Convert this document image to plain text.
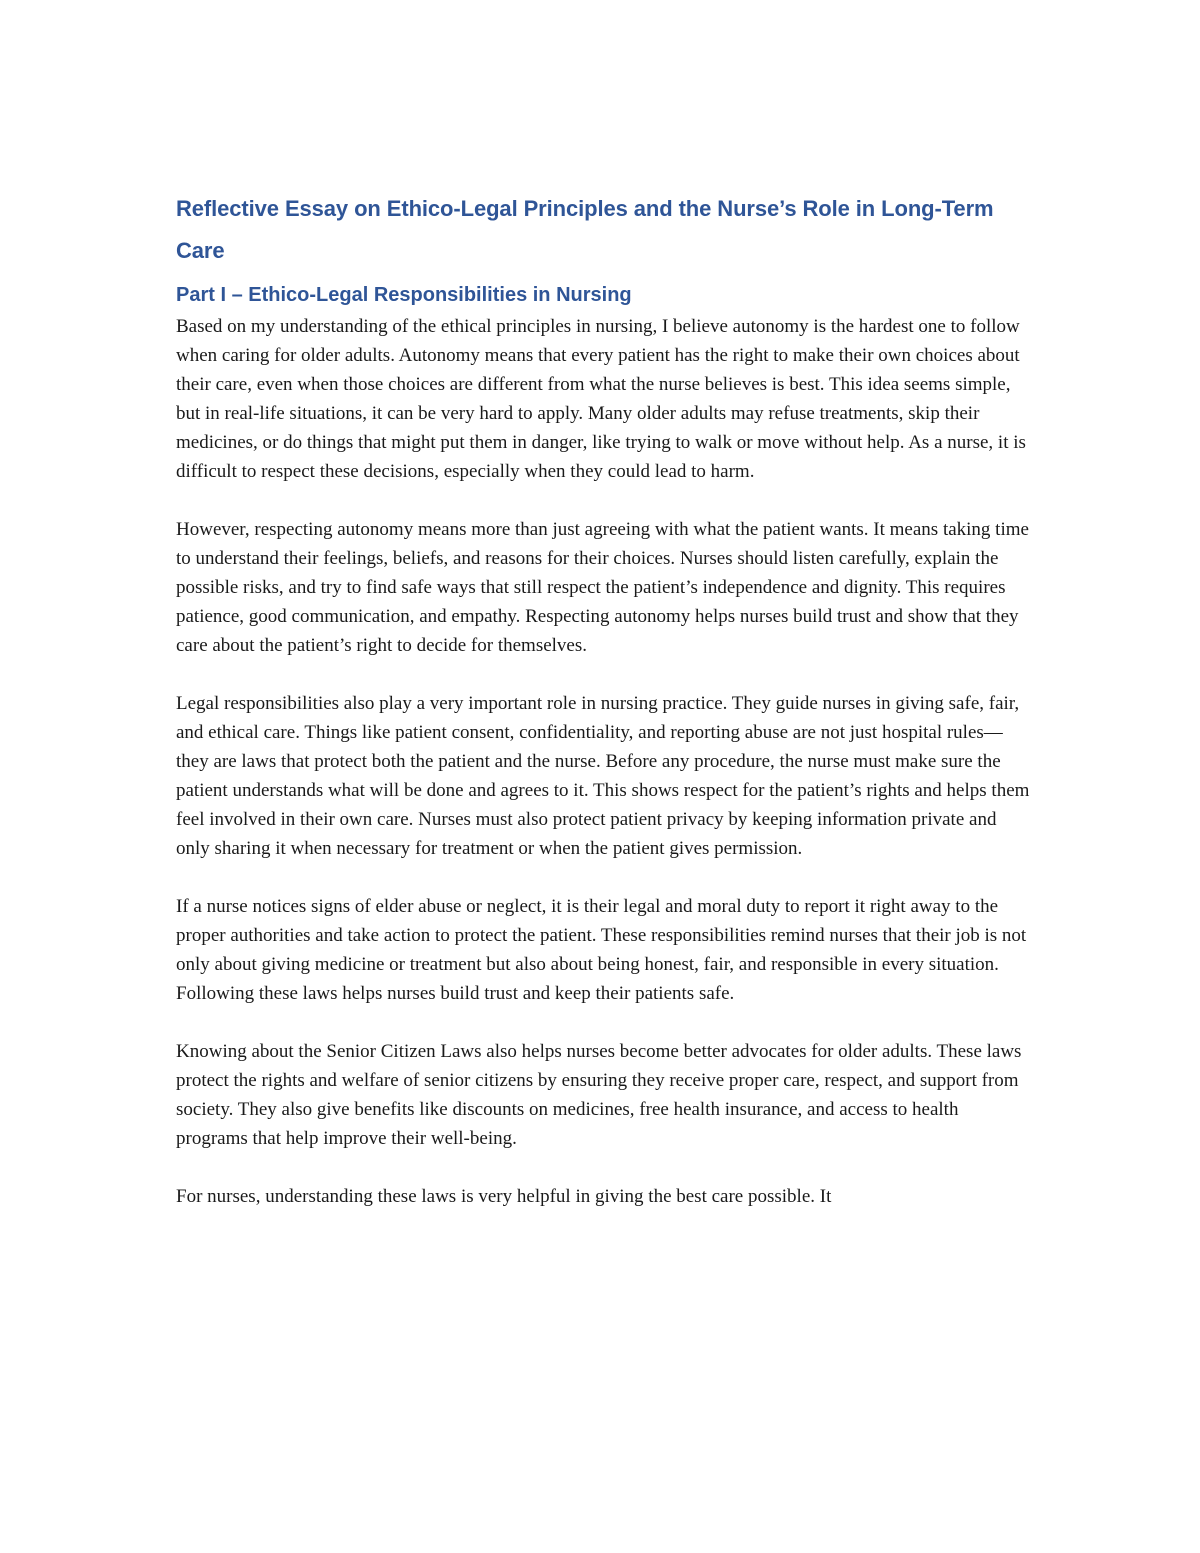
Reflective Essay on Ethico-Legal Principles and the Nurse’s Role in Long-Term Care
Part I – Ethico-Legal Responsibilities in Nursing

Based on my understanding of the ethical principles in nursing, I believe autonomy is the hardest one to follow when caring for older adults. Autonomy means that every patient has the right to make their own choices about their care, even when those choices are different from what the nurse believes is best. This idea seems simple, but in real-life situations, it can be very hard to apply. Many older adults may refuse treatments, skip their medicines, or do things that might put them in danger, like trying to walk or move without help. As a nurse, it is difficult to respect these decisions, especially when they could lead to harm.

However, respecting autonomy means more than just agreeing with what the patient wants. It means taking time to understand their feelings, beliefs, and reasons for their choices. Nurses should listen carefully, explain the possible risks, and try to find safe ways that still respect the patient’s independence and dignity. This requires patience, good communication, and empathy. Respecting autonomy helps nurses build trust and show that they care about the patient’s right to decide for themselves.

Legal responsibilities also play a very important role in nursing practice. They guide nurses in giving safe, fair, and ethical care. Things like patient consent, confidentiality, and reporting abuse are not just hospital rules—they are laws that protect both the patient and the nurse. Before any procedure, the nurse must make sure the patient understands what will be done and agrees to it. This shows respect for the patient’s rights and helps them feel involved in their own care. Nurses must also protect patient privacy by keeping information private and only sharing it when necessary for treatment or when the patient gives permission.

If a nurse notices signs of elder abuse or neglect, it is their legal and moral duty to report it right away to the proper authorities and take action to protect the patient. These responsibilities remind nurses that their job is not only about giving medicine or treatment but also about being honest, fair, and responsible in every situation. Following these laws helps nurses build trust and keep their patients safe.

Knowing about the Senior Citizen Laws also helps nurses become better advocates for older adults. These laws protect the rights and welfare of senior citizens by ensuring they receive proper care, respect, and support from society. They also give benefits like discounts on medicines, free health insurance, and access to health programs that help improve their well-being.

For nurses, understanding these laws is very helpful in giving the best care possible. It
